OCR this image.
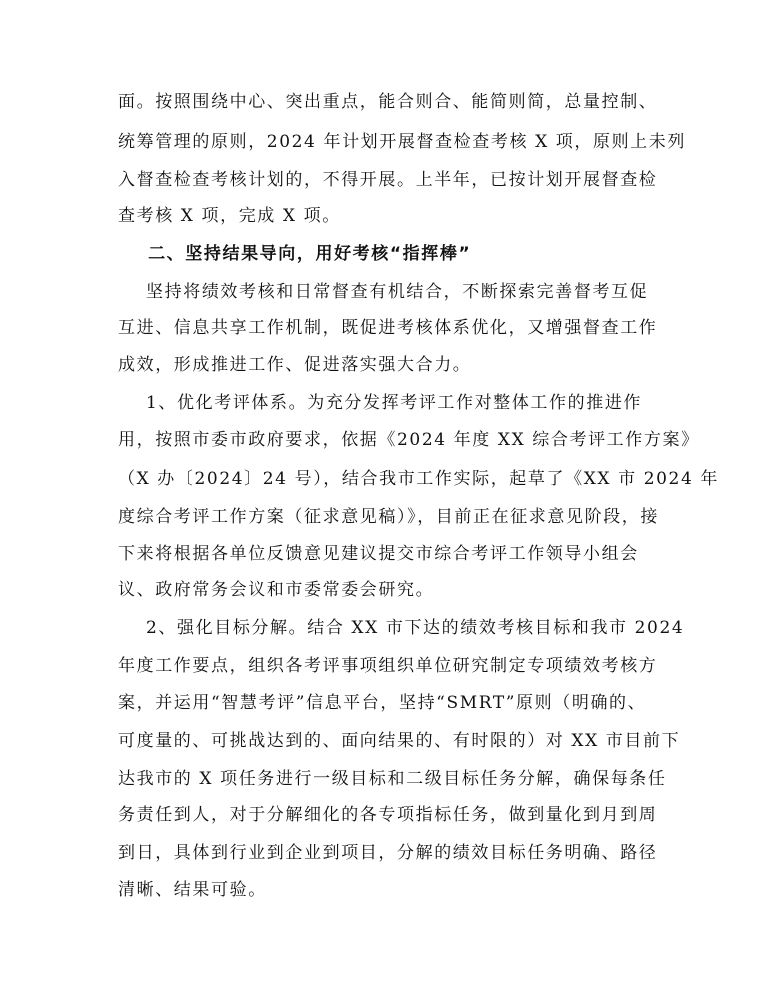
面。按照围绕中心、突出重点，能合则合、能简则简，总量控制、
统筹管理的原则，2024 年计划开展督查检查考核 X 项，原则上未列
入督查检查考核计划的，不得开展。上半年，已按计划开展督查检
查考核 X 项，完成 X 项。
二、坚持结果导向，用好考核“指挥棒”
坚持将绩效考核和日常督查有机结合，不断探索完善督考互促
互进、信息共享工作机制，既促进考核体系优化，又增强督查工作
成效，形成推进工作、促进落实强大合力。
1、优化考评体系。为充分发挥考评工作对整体工作的推进作
用，按照市委市政府要求，依据《2024 年度 XX 综合考评工作方案》
（X 办〔2024〕24 号），结合我市工作实际，起草了《XX 市 2024 年
度综合考评工作方案（征求意见稿）》，目前正在征求意见阶段，接
下来将根据各单位反馈意见建议提交市综合考评工作领导小组会
议、政府常务会议和市委常委会研究。
2、强化目标分解。结合 XX 市下达的绩效考核目标和我市 2024
年度工作要点，组织各考评事项组织单位研究制定专项绩效考核方
案，并运用“智慧考评”信息平台，坚持“SMRT”原则（明确的、
可度量的、可挑战达到的、面向结果的、有时限的）对 XX 市目前下
达我市的 X 项任务进行一级目标和二级目标任务分解，确保每条任
务责任到人，对于分解细化的各专项指标任务，做到量化到月到周
到日，具体到行业到企业到项目，分解的绩效目标任务明确、路径
清晰、结果可验。
